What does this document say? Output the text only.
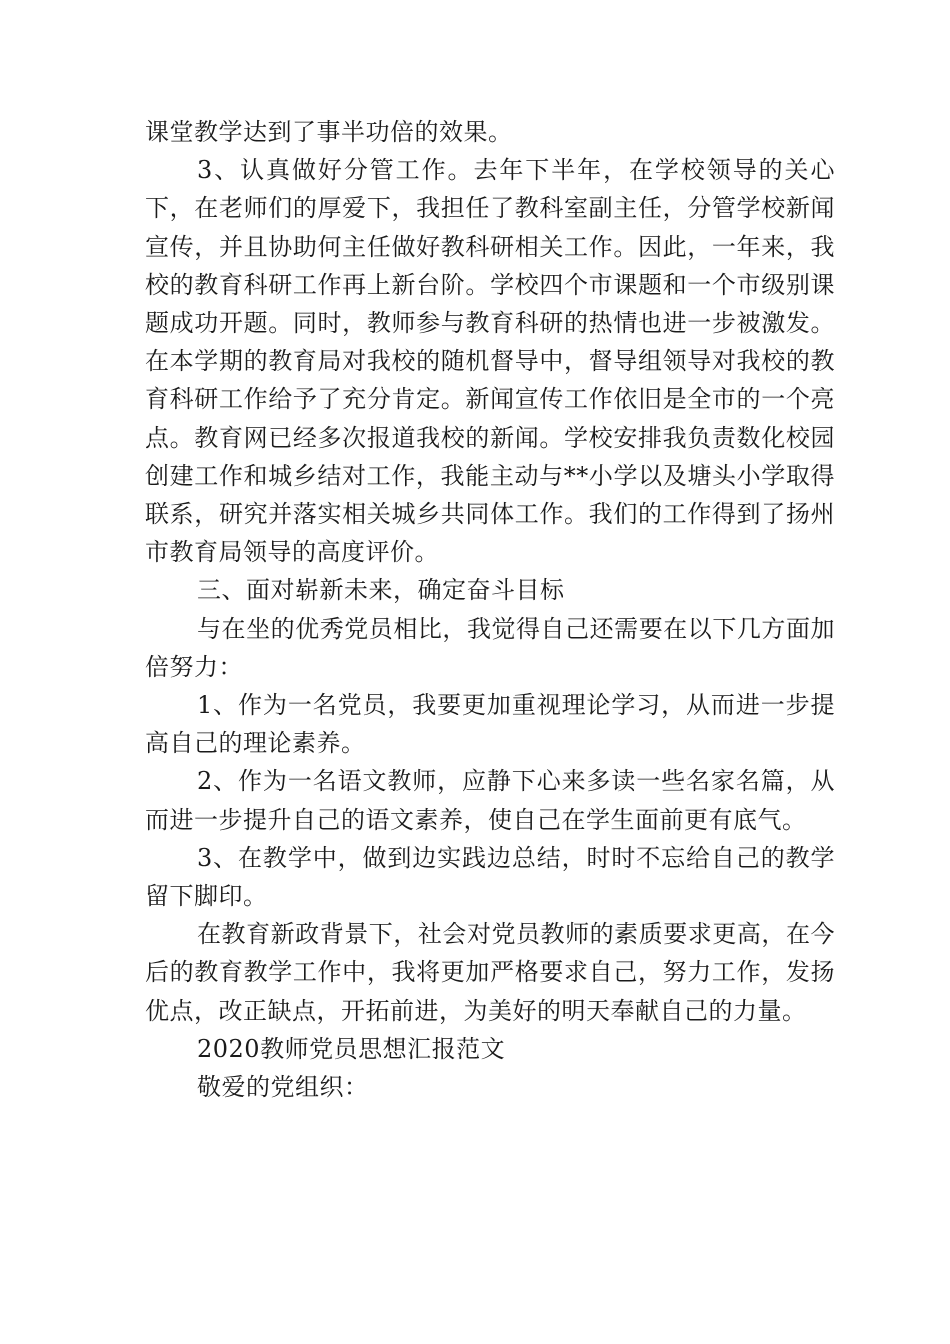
课堂教学达到了事半功倍的效果。

3、认真做好分管工作。去年下半年，在学校领导的关心下，在老师们的厚爱下，我担任了教科室副主任，分管学校新闻宣传，并且协助何主任做好教科研相关工作。因此，一年来，我校的教育科研工作再上新台阶。学校四个市课题和一个市级别课题成功开题。同时，教师参与教育科研的热情也进一步被激发。在本学期的教育局对我校的随机督导中，督导组领导对我校的教育科研工作给予了充分肯定。新闻宣传工作依旧是全市的一个亮点。教育网已经多次报道我校的新闻。学校安排我负责数化校园创建工作和城乡结对工作，我能主动与**小学以及塘头小学取得联系，研究并落实相关城乡共同体工作。我们的工作得到了扬州市教育局领导的高度评价。

三、面对崭新未来，确定奋斗目标

与在坐的优秀党员相比，我觉得自己还需要在以下几方面加倍努力：

1、作为一名党员，我要更加重视理论学习，从而进一步提高自己的理论素养。

2、作为一名语文教师，应静下心来多读一些名家名篇，从而进一步提升自己的语文素养，使自己在学生面前更有底气。

3、在教学中，做到边实践边总结，时时不忘给自己的教学留下脚印。

在教育新政背景下，社会对党员教师的素质要求更高，在今后的教育教学工作中，我将更加严格要求自己，努力工作，发扬优点，改正缺点，开拓前进，为美好的明天奉献自己的力量。

2020教师党员思想汇报范文

敬爱的党组织：
